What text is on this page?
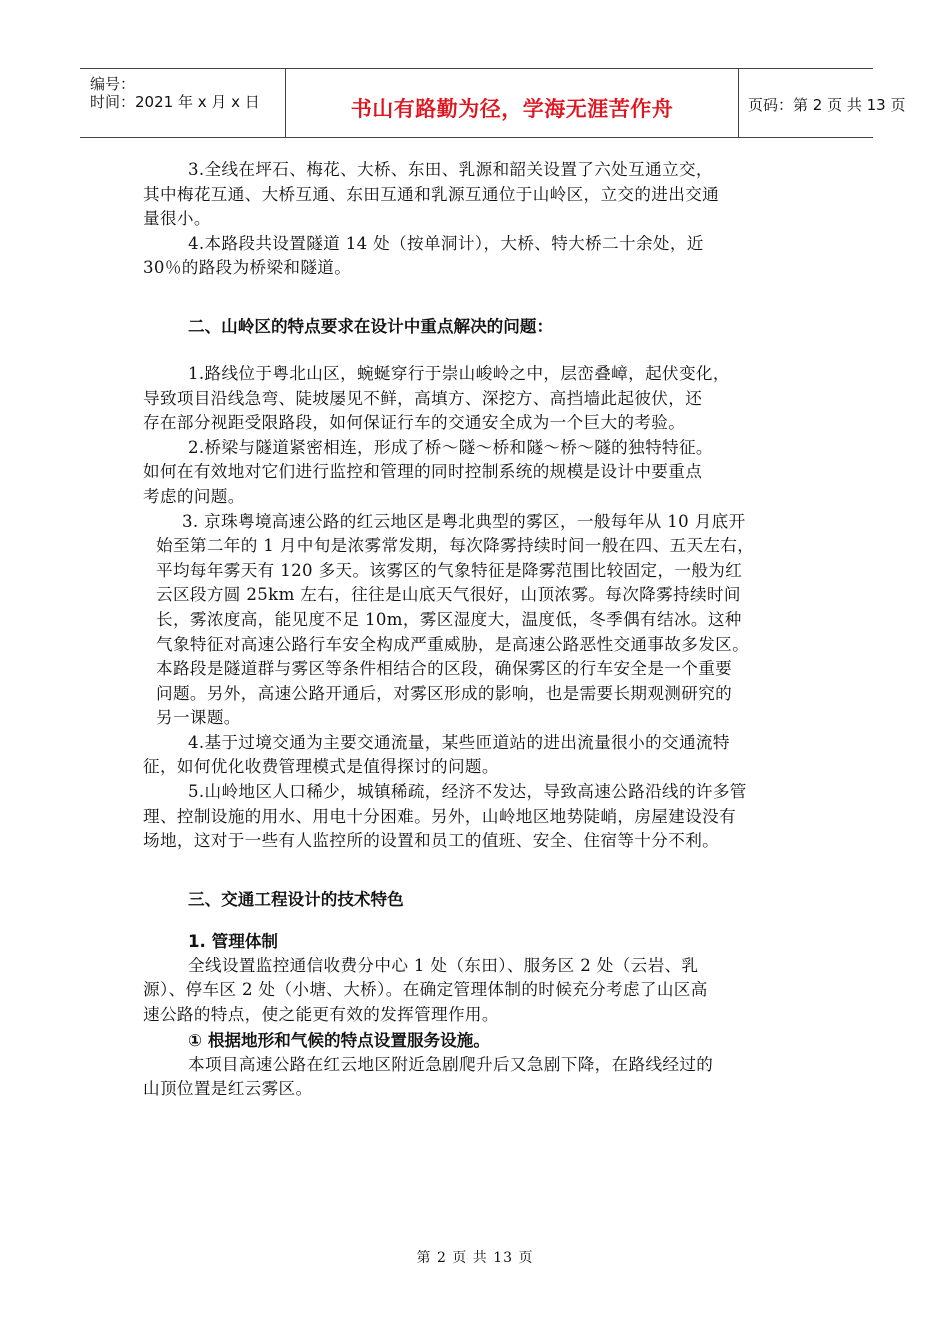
编号：
时间：2021 年 x 月 x 日	书山有路勤为径，学海无涯苦作舟	页码：第 2 页 共 13 页
3.全线在坪石、梅花、大桥、东田、乳源和韶关设置了六处互通立交，
其中梅花互通、大桥互通、东田互通和乳源互通位于山岭区，立交的进出交通
量很小。
4.本路段共设置隧道 14 处（按单洞计），大桥、特大桥二十余处，近
30％的路段为桥梁和隧道。
二、山岭区的特点要求在设计中重点解决的问题：
1.路线位于粤北山区，蜿蜒穿行于崇山峻岭之中，层峦叠嶂，起伏变化，
导致项目沿线急弯、陡坡屡见不鲜，高填方、深挖方、高挡墙此起彼伏，还
存在部分视距受限路段，如何保证行车的交通安全成为一个巨大的考验。
2.桥梁与隧道紧密相连，形成了桥～隧～桥和隧～桥～隧的独特特征。
如何在有效地对它们进行监控和管理的同时控制系统的规模是设计中要重点
考虑的问题。
3. 京珠粤境高速公路的红云地区是粤北典型的雾区，一般每年从 10 月底开
始至第二年的 1 月中旬是浓雾常发期，每次降雾持续时间一般在四、五天左右，
平均每年雾天有 120 多天。该雾区的气象特征是降雾范围比较固定，一般为红
云区段方圆 25km 左右，往往是山底天气很好，山顶浓雾。每次降雾持续时间
长，雾浓度高，能见度不足 10m，雾区湿度大，温度低，冬季偶有结冰。这种
气象特征对高速公路行车安全构成严重威胁，是高速公路恶性交通事故多发区。
本路段是隧道群与雾区等条件相结合的区段，确保雾区的行车安全是一个重要
问题。另外，高速公路开通后，对雾区形成的影响，也是需要长期观测研究的
另一课题。
4.基于过境交通为主要交通流量，某些匝道站的进出流量很小的交通流特
征，如何优化收费管理模式是值得探讨的问题。
5.山岭地区人口稀少，城镇稀疏，经济不发达，导致高速公路沿线的许多管
理、控制设施的用水、用电十分困难。另外，山岭地区地势陡峭，房屋建设没有
场地，这对于一些有人监控所的设置和员工的值班、安全、住宿等十分不利。
三、交通工程设计的技术特色
1. 管理体制
全线设置监控通信收费分中心 1 处（东田）、服务区 2 处（云岩、乳
源）、停车区 2 处（小塘、大桥）。在确定管理体制的时候充分考虑了山区高
速公路的特点，使之能更有效的发挥管理作用。
① 根据地形和气候的特点设置服务设施。
本项目高速公路在红云地区附近急剧爬升后又急剧下降，在路线经过的
山顶位置是红云雾区。
第 2 页 共 13 页
